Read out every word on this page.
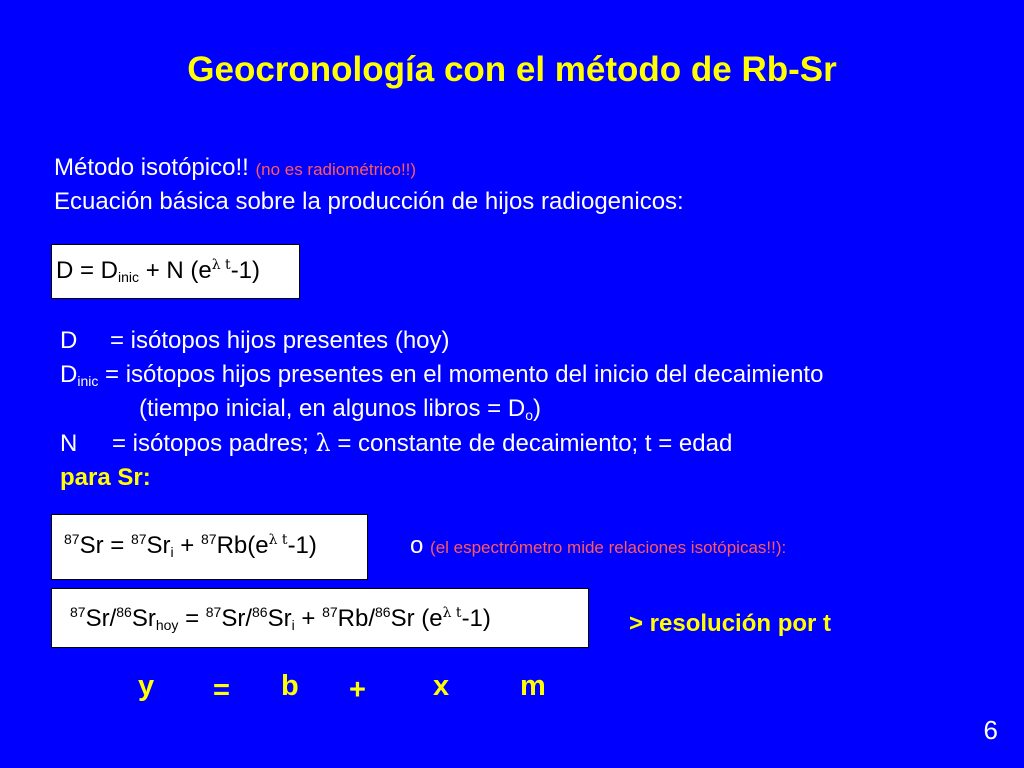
Geocronología con el método de Rb-Sr
Método isotópico!! (no es radiométrico!!)
Ecuación básica sobre la producción de hijos radiogenicos:
$D = D_{inic} + N$ $(e^{\lambda t}-1)$
D = isótopos hijos presentes (hoy)
$D_{inic}$ = isótopos hijos presentes en el momento del inicio del decaimiento
(tiempo inicial, en algunos libros = $D_o$)
N = isótopos padres; λ = constante de decaimiento; t = edad
para Sr:
$^{87}Sr = ^{87}Sr_i + ^{87}Rb(e^{\lambda t}-1)$	o (el espectrómetro mide relaciones isotópicas!!):
$^{87}Sr/^{86}Sr_{hoy} = ^{87}Sr/^{86}Sr_i + ^{87}Rb/^{86}Sr$ $(e^{\lambda t}-1)$	> resolución por t
y = b + x m
6
